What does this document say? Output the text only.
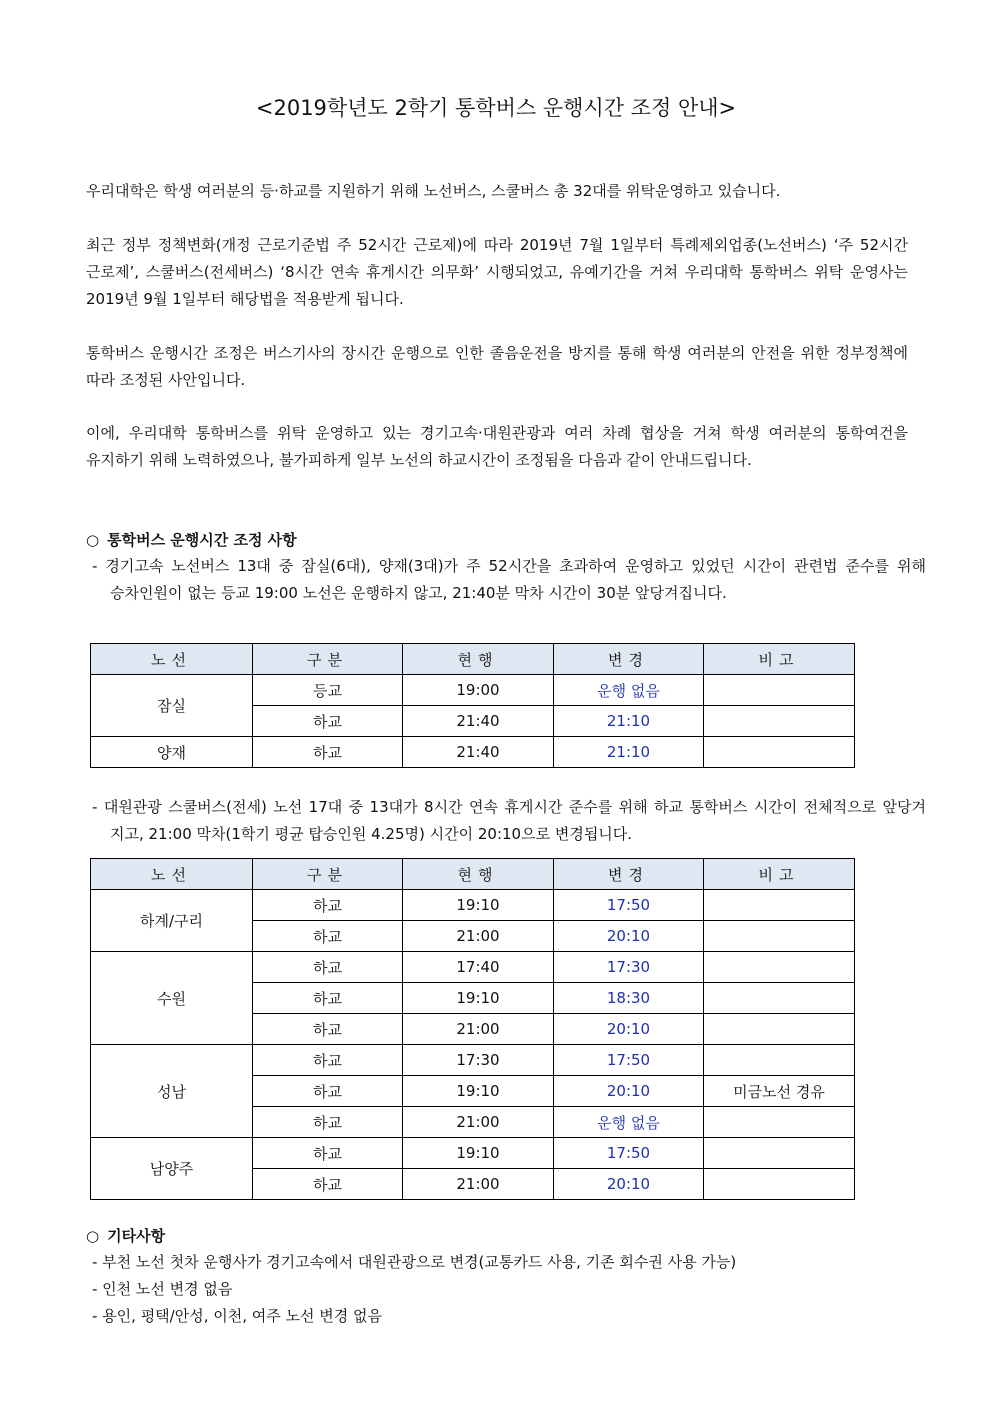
<2019학년도 2학기 통학버스 운행시간 조정 안내>
우리대학은 학생 여러분의 등·하교를 지원하기 위해 노선버스, 스쿨버스 총 32대를 위탁운영하고 있습니다.
최근 정부 정책변화(개정 근로기준법 주 52시간 근로제)에 따라 2019년 7월 1일부터 특례제외업종(노선버스) ‘주 52시간 근로제’, 스쿨버스(전세버스) ‘8시간 연속 휴게시간 의무화’ 시행되었고, 유예기간을 거쳐 우리대학 통학버스 위탁 운영사는 2019년 9월 1일부터 해당법을 적용받게 됩니다.
통학버스 운행시간 조정은 버스기사의 장시간 운행으로 인한 졸음운전을 방지를 통해 학생 여러분의 안전을 위한 정부정책에 따라 조정된 사안입니다.
이에, 우리대학 통학버스를 위탁 운영하고 있는 경기고속·대원관광과 여러 차례 협상을 거쳐 학생 여러분의 통학여건을 유지하기 위해 노력하였으나, 불가피하게 일부 노선의 하교시간이 조정됨을 다음과 같이 안내드립니다.
○ 통학버스 운행시간 조정 사항
- 경기고속 노선버스 13대 중 잠실(6대), 양재(3대)가 주 52시간을 초과하여 운영하고 있었던 시간이 관련법 준수를 위해 승차인원이 없는 등교 19:00 노선은 운행하지 않고, 21:40분 막차 시간이 30분 앞당겨집니다.
노선	구분	현행	변경	비고
잠실	등교	19:00	운행 없음	
	하교	21:40	21:10	
양재	하교	21:40	21:10	
- 대원관광 스쿨버스(전세) 노선 17대 중 13대가 8시간 연속 휴게시간 준수를 위해 하교 통학버스 시간이 전체적으로 앞당겨 지고, 21:00 막차(1학기 평균 탑승인원 4.25명) 시간이 20:10으로 변경됩니다.
노선	구분	현행	변경	비고
하계/구리	하교	19:10	17:50	
	하교	21:00	20:10	
수원	하교	17:40	17:30	
	하교	19:10	18:30	
	하교	21:00	20:10	
성남	하교	17:30	17:50	
	하교	19:10	20:10	미금노선 경유
	하교	21:00	운행 없음	
남양주	하교	19:10	17:50	
	하교	21:00	20:10	
○ 기타사항
- 부천 노선 첫차 운행사가 경기고속에서 대원관광으로 변경(교통카드 사용, 기존 회수권 사용 가능)
- 인천 노선 변경 없음
- 용인, 평택/안성, 이천, 여주 노선 변경 없음
